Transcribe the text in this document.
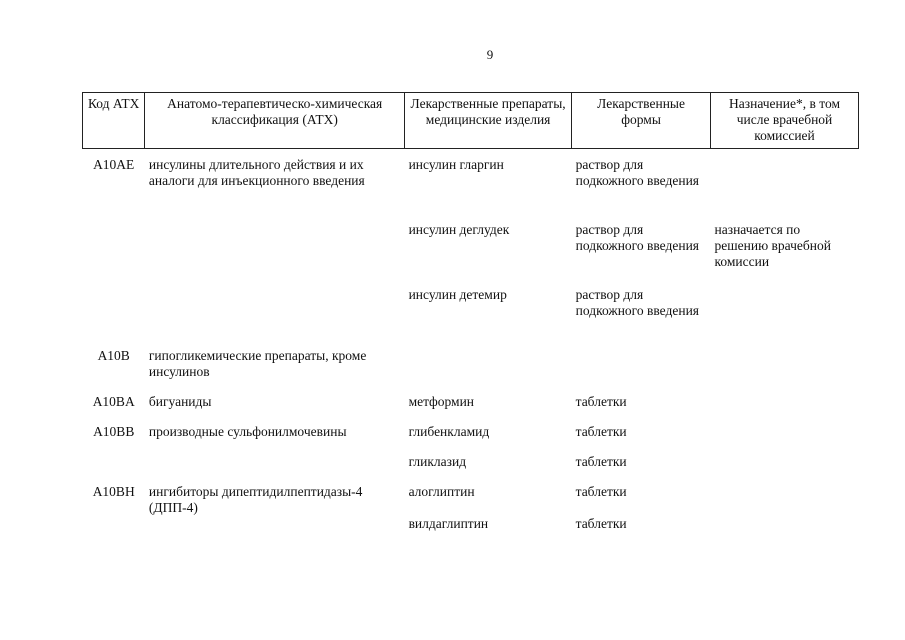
9
Код АТХ	Анатомо-терапевтическо-химическая классификация (АТХ)	Лекарственные препараты, медицинские изделия	Лекарственные формы	Назначение*, в том числе врачебной комиссией

A10AE	инсулины длительного действия и их аналоги для инъекционного введения	инсулин гларгин	раствор для подкожного введения	
		инсулин деглудек	раствор для подкожного введения	назначается по решению врачебной комиссии
		инсулин детемир	раствор для подкожного введения	
A10B	гипогликемические препараты, кроме инсулинов			
A10BA	бигуаниды	метформин	таблетки	
A10BB	производные сульфонилмочевины	глибенкламид	таблетки	
		гликлазид	таблетки	
A10BH	ингибиторы дипептидилпептидазы-4 (ДПП-4)	алоглиптин	таблетки	
		вилдаглиптин	таблетки	
